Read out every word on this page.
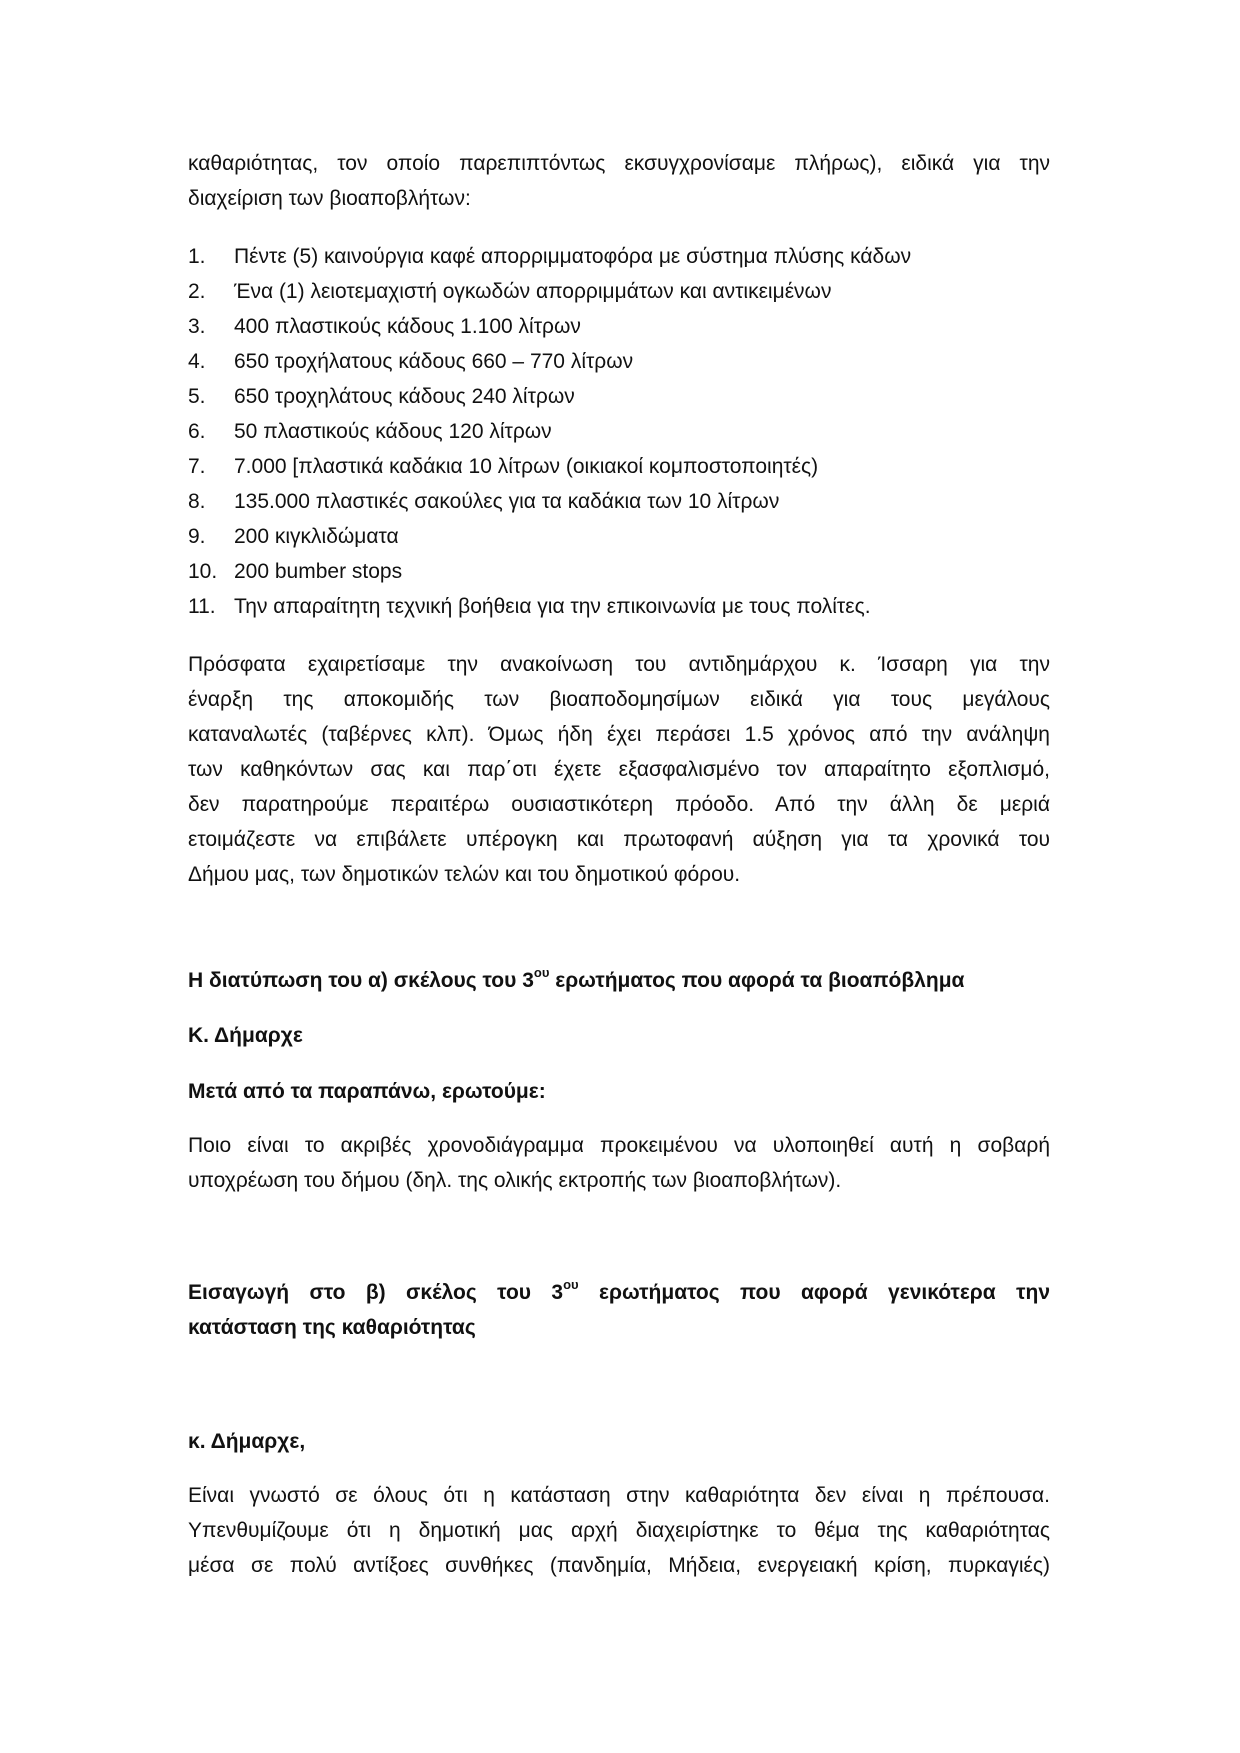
καθαριότητας, τον οποίο παρεπιπτόντως εκσυγχρονίσαμε πλήρως), ειδικά για την
διαχείριση των βιοαποβλήτων:
1. Πέντε (5) καινούργια καφέ απορριμματοφόρα με σύστημα πλύσης κάδων
2. Ένα (1) λειοτεμαχιστή ογκωδών απορριμμάτων και αντικειμένων
3. 400 πλαστικούς κάδους 1.100 λίτρων
4. 650 τροχήλατους κάδους 660 – 770 λίτρων
5. 650 τροχηλάτους κάδους 240 λίτρων
6. 50 πλαστικούς κάδους 120 λίτρων
7. 7.000 [πλαστικά καδάκια 10 λίτρων (οικιακοί κομποστοποιητές)
8. 135.000 πλαστικές σακούλες για τα καδάκια των 10 λίτρων
9. 200 κιγκλιδώματα
10. 200 bumber stops
11. Την απαραίτητη τεχνική βοήθεια για την επικοινωνία με τους πολίτες.
Πρόσφατα εχαιρετίσαμε την ανακοίνωση του αντιδημάρχου κ. Ίσσαρη για την
έναρξη της αποκομιδής των βιοαποδομησίμων ειδικά για τους μεγάλους
καταναλωτές (ταβέρνες κλπ). Όμως ήδη έχει περάσει 1.5 χρόνος από την ανάληψη
των καθηκόντων σας και παρ΄οτι έχετε εξασφαλισμένο τον απαραίτητο εξοπλισμό,
δεν παρατηρούμε περαιτέρω ουσιαστικότερη πρόοδο. Από την άλλη δε μεριά
ετοιμάζεστε να επιβάλετε υπέρογκη και πρωτοφανή αύξηση για τα χρονικά του
Δήμου μας, των δημοτικών τελών και του δημοτικού φόρου.
Η διατύπωση του α) σκέλους του $3^{o\upsilon}$ ερωτήματος που αφορά τα βιοαπόβλημα
Κ. Δήμαρχε
Μετά από τα παραπάνω, ερωτούμε:
Ποιο είναι το ακριβές χρονοδιάγραμμα προκειμένου να υλοποιηθεί αυτή η σοβαρή
υποχρέωση του δήμου (δηλ. της ολικής εκτροπής των βιοαποβλήτων).
Εισαγωγή στο β) σκέλος του $3^{o\upsilon}$ ερωτήματος που αφορά γενικότερα την
κατάσταση της καθαριότητας
κ. Δήμαρχε,
Είναι γνωστό σε όλους ότι η κατάσταση στην καθαριότητα δεν είναι η πρέπουσα.
Υπενθυμίζουμε ότι η δημοτική μας αρχή διαχειρίστηκε το θέμα της καθαριότητας
μέσα σε πολύ αντίξοες συνθήκες (πανδημία, Μήδεια, ενεργειακή κρίση, πυρκαγιές)
